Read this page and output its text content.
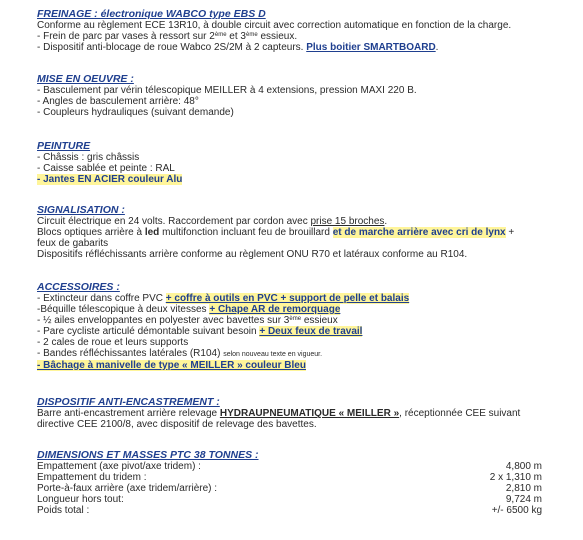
FREINAGE : électronique WABCO type EBS D
Conforme au règlement ECE 13R10, à double circuit avec correction automatique en fonction de la charge.
- Frein de parc par vases à ressort sur 2ème et 3ème essieux.
- Dispositif anti-blocage de roue Wabco 2S/2M à 2 capteurs. Plus boitier SMARTBOARD.
MISE EN OEUVRE :
- Basculement par vérin télescopique MEILLER à 4 extensions, pression MAXI 220 B.
- Angles de basculement arrière: 48°
- Coupleurs hydrauliques (suivant demande)
PEINTURE
- Châssis : gris châssis
- Caisse sablée et peinte : RAL
- Jantes EN ACIER couleur Alu
SIGNALISATION :
Circuit électrique en 24 volts. Raccordement par cordon avec prise 15 broches.
Blocs optiques arrière à led multifonction incluant feu de brouillard et de marche arrière avec cri de lynx +
feux de gabarits
Dispositifs réfléchissants arrière conforme au règlement ONU R70 et latéraux conforme au R104.
ACCESSOIRES :
- Extincteur dans coffre PVC + coffre à outils en PVC + support de pelle et balais
-Béquille télescopique à deux vitesses + Chape AR de remorquage
- ½ ailes enveloppantes en polyester avec bavettes sur 3ème essieux
- Pare cycliste articulé démontable suivant besoin + Deux feux de travail
- 2 cales de roue et leurs supports
- Bandes réfléchissantes latérales (R104) selon nouveau texte en vigueur.
- Bâchage à manivelle de type « MEILLER » couleur Bleu
DISPOSITIF ANTI-ENCASTREMENT :
Barre anti-encastrement arrière relevage HYDRAUPNEUMATIQUE « MEILLER », réceptionnée CEE suivant
directive CEE 2100/8, avec dispositif de relevage des bavettes.
DIMENSIONS ET MASSES PTC 38 TONNES :
Empattement (axe pivot/axe tridem) :	4,800 m
Empattement du tridem :	2 x 1,310 m
Porte-à-faux arrière (axe tridem/arrière) :	2,810 m
Longueur hors tout:	9,724 m
Poids total :	+/- 6500 kg
